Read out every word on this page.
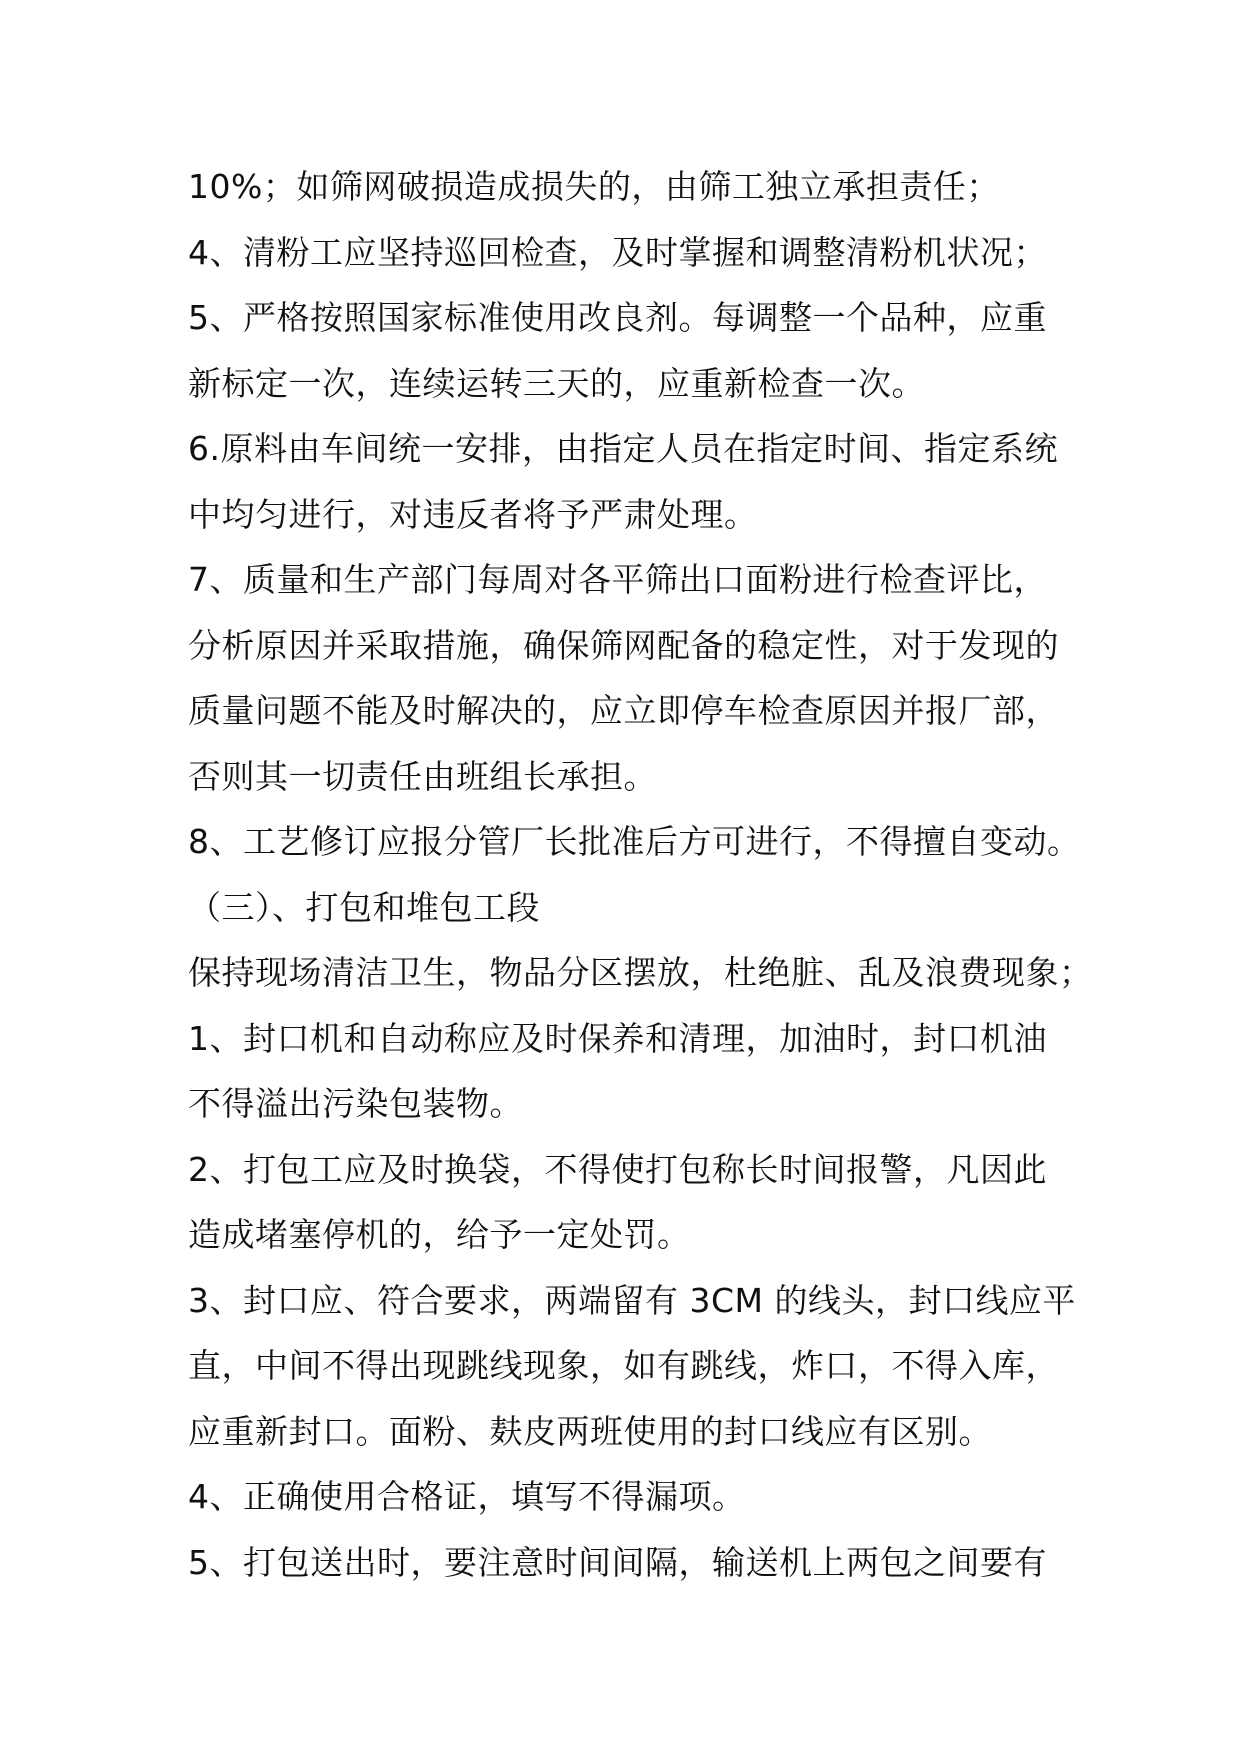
10%；如筛网破损造成损失的，由筛工独立承担责任；
4、清粉工应坚持巡回检查，及时掌握和调整清粉机状况；
5、严格按照国家标准使用改良剂。每调整一个品种，应重
新标定一次，连续运转三天的，应重新检查一次。
6.原料由车间统一安排，由指定人员在指定时间、指定系统
中均匀进行，对违反者将予严肃处理。
7、质量和生产部门每周对各平筛出口面粉进行检查评比，
分析原因并采取措施，确保筛网配备的稳定性，对于发现的
质量问题不能及时解决的，应立即停车检查原因并报厂部，
否则其一切责任由班组长承担。
8、工艺修订应报分管厂长批准后方可进行，不得擅自变动。
（三）、打包和堆包工段
保持现场清洁卫生，物品分区摆放，杜绝脏、乱及浪费现象；
1、封口机和自动称应及时保养和清理，加油时，封口机油
不得溢出污染包装物。
2、打包工应及时换袋，不得使打包称长时间报警，凡因此
造成堵塞停机的，给予一定处罚。
3、封口应、符合要求，两端留有 3CM 的线头，封口线应平
直，中间不得出现跳线现象，如有跳线，炸口，不得入库，
应重新封口。面粉、麸皮两班使用的封口线应有区别。
4、正确使用合格证，填写不得漏项。
5、打包送出时，要注意时间间隔，输送机上两包之间要有
